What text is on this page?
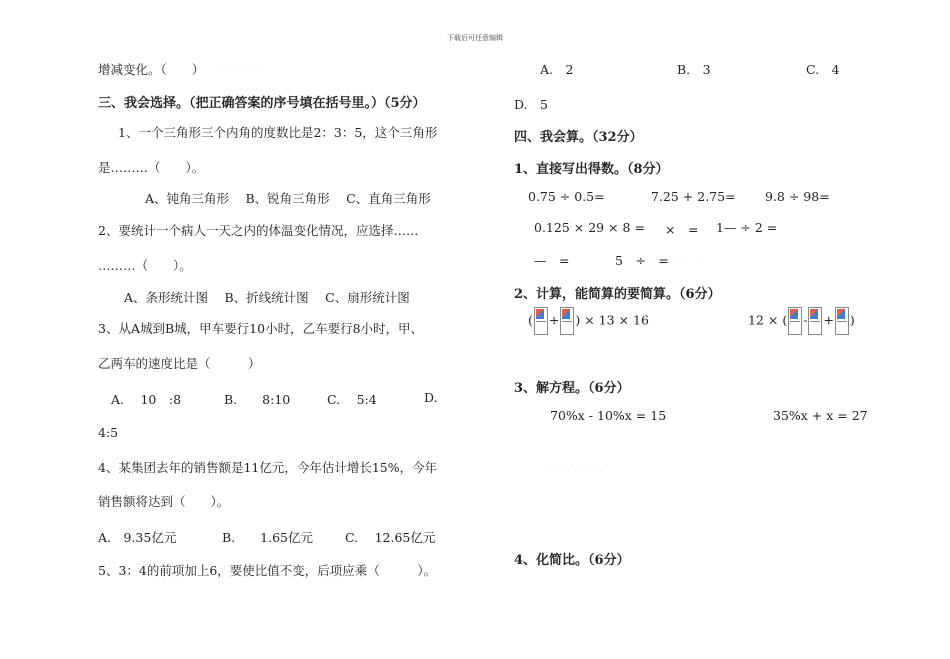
下载后可任意编辑
增减变化。（　　）	· · · · · · ·
三、我会选择。（把正确答案的序号填在括号里。）（5分）
1、一个三角形三个内角的度数比是2：3：5，这个三角形
是………（　　）。
A、钝角三角形　 B、锐角三角形　 C、直角三角形
2、要统计一个病人一天之内的体温变化情况，应选择……
………（　　）。
A、条形统计图　 B、折线统计图　 C、扇形统计图
3、从A城到B城，甲车要行10小时，乙车要行8小时，甲、
乙两车的速度比是（　　　）
A.　 10　:8	B.　　8:10	C.　 5:4	D.
4:5
4、某集团去年的销售额是11亿元，今年估计增长15%，今年
销售额将达到（　　）。
A.　9.35亿元	B.　　1.65亿元	C.　 12.65亿元
5、3：4的前项加上6，要使比值不变，后项应乘（　　　）。
A.　2	B.　3	C.　4
D.　5
四、我会算。（32分）
1、直接写出得数。（8分）
0.75 ÷ 0.5=	7.25 + 2.75= 9.8 ÷ 98=
0.125 × 29 × 8 = ×　= 1— ÷ 2 =
—　=	5　÷　= · · · · ·
2、计算，能简算的要简算。（6分）
( + ) × 13 × 16	12 × ( - + )
3、解方程。（6分）
70%x - 10%x = 15	35%x + x = 27
· · · · · · · · ·
4、化简比。（6分）
